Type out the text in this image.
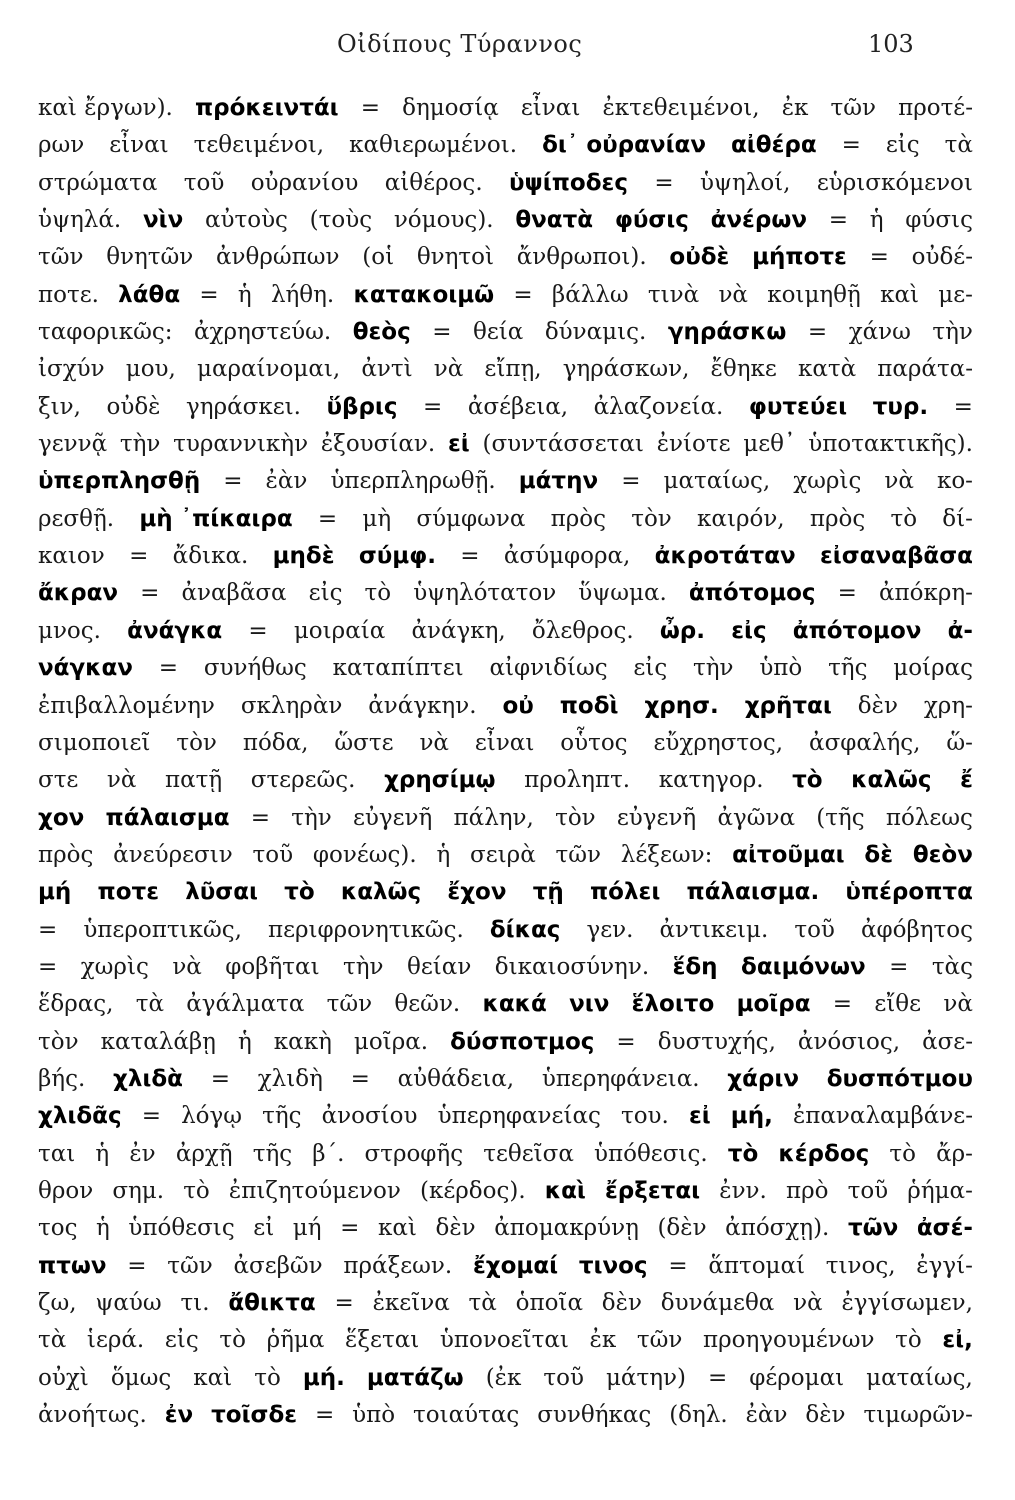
Οἰδίπους Τύραννος	103
καὶ ἔργων). πρόκειντάι = δημοσίᾳ εἶναι ἐκτεθειμένοι, ἐκ τῶν προτέ-
ρων εἶναι τεθειμένοι, καθιερωμένοι. δι᾽ οὐρανίαν αἰθέρα = εἰς τὰ
στρώματα τοῦ οὐρανίου αἰθέρος. ὑψίποδες = ὑψηλοί, εὑρισκόμενοι
ὑψηλά. νὶν αὐτοὺς (τοὺς νόμους). θνατὰ φύσις ἀνέρων = ἡ φύσις
τῶν θνητῶν ἀνθρώπων (οἱ θνητοὶ ἄνθρωποι). οὐδὲ μήποτε = οὐδέ-
ποτε. λάθα = ἡ λήθη. κατακοιμῶ = βάλλω τινὰ νὰ κοιμηθῇ καὶ με-
ταφορικῶς: ἀχρηστεύω. θεὸς = θεία δύναμις. γηράσκω = χάνω τὴν
ἰσχύν μου, μαραίνομαι, ἀντὶ νὰ εἴπῃ, γηράσκων, ἔθηκε κατὰ παράτα-
ξιν, οὐδὲ γηράσκει. ὕβρις = ἀσέβεια, ἀλαζονεία. φυτεύει τυρ. =
γεννᾷ τὴν τυραννικὴν ἐξουσίαν. εἰ (συντάσσεται ἐνίοτε μεθ᾽ ὑποτακτικῆς).
ὑπερπλησθῇ = ἐὰν ὑπερπληρωθῇ. μάτην = ματαίως, χωρὶς νὰ κο-
ρεσθῇ. μὴ ᾽πίκαιρα = μὴ σύμφωνα πρὸς τὸν καιρόν, πρὸς τὸ δί-
καιον = ἄδικα. μηδὲ σύμφ. = ἀσύμφορα, ἀκροτάταν εἰσαναβᾶσα
ἄκραν = ἀναβᾶσα εἰς τὸ ὑψηλότατον ὕψωμα. ἀπότομος = ἀπόκρη-
μνος. ἀνάγκα = μοιραία ἀνάγκη, ὄλεθρος. ὦρ. εἰς ἀπότομον ἀ-
νάγκαν = συνήθως καταπίπτει αἰφνιδίως εἰς τὴν ὑπὸ τῆς μοίρας
ἐπιβαλλομένην σκληρὰν ἀνάγκην. οὐ ποδὶ χρησ. χρῆται δὲν χρη-
σιμοποιεῖ τὸν πόδα, ὥστε νὰ εἶναι οὗτος εὔχρηστος, ἀσφαλής, ὥ-
στε νὰ πατῇ στερεῶς. χρησίμῳ προληπτ. κατηγορ. τὸ καλῶς ἔ
χον πάλαισμα = τὴν εὐγενῆ πάλην, τὸν εὐγενῆ ἀγῶνα (τῆς πόλεως
πρὸς ἀνεύρεσιν τοῦ φονέως). ἡ σειρὰ τῶν λέξεων: αἰτοῦμαι δὲ θεὸν
μή ποτε λῦσαι τὸ καλῶς ἔχον τῇ πόλει πάλαισμα. ὑπέροπτα
= ὑπεροπτικῶς, περιφρονητικῶς. δίκας γεν. ἀντικειμ. τοῦ ἀφόβητος
= χωρὶς νὰ φοβῆται τὴν θείαν δικαιοσύνην. ἕδη δαιμόνων = τὰς
ἕδρας, τὰ ἀγάλματα τῶν θεῶν. κακά νιν ἕλοιτο μοῖρα = εἴθε νὰ
τὸν καταλάβῃ ἡ κακὴ μοῖρα. δύσποτμος = δυστυχής, ἀνόσιος, ἀσε-
βής. χλιδὰ = χλιδὴ = αὐθάδεια, ὑπερηφάνεια. χάριν δυσπότμου
χλιδᾶς = λόγῳ τῆς ἀνοσίου ὑπερηφανείας του. εἰ μή, ἐπαναλαμβάνε-
ται ἡ ἐν ἀρχῇ τῆς β΄. στροφῆς τεθεῖσα ὑπόθεσις. τὸ κέρδος τὸ ἄρ-
θρον σημ. τὸ ἐπιζητούμενον (κέρδος). καὶ ἔρξεται ἐνν. πρὸ τοῦ ῥήμα-
τος ἡ ὑπόθεσις εἰ μή = καὶ δὲν ἀπομακρύνῃ (δὲν ἀπόσχῃ). τῶν ἀσέ-
πτων = τῶν ἀσεβῶν πράξεων. ἔχομαί τινος = ἅπτομαί τινος, ἐγγί-
ζω, ψαύω τι. ἄθικτα = ἐκεῖνα τὰ ὁποῖα δὲν δυνάμεθα νὰ ἐγγίσωμεν,
τὰ ἱερά. εἰς τὸ ῥῆμα ἕξεται ὑπονοεῖται ἐκ τῶν προηγουμένων τὸ εἰ,
οὐχὶ ὅμως καὶ τὸ μή. ματάζω (ἐκ τοῦ μάτην) = φέρομαι ματαίως,
ἀνοήτως. ἐν τοῖσδε = ὑπὸ τοιαύτας συνθήκας (δηλ. ἐὰν δὲν τιμωρῶν-
